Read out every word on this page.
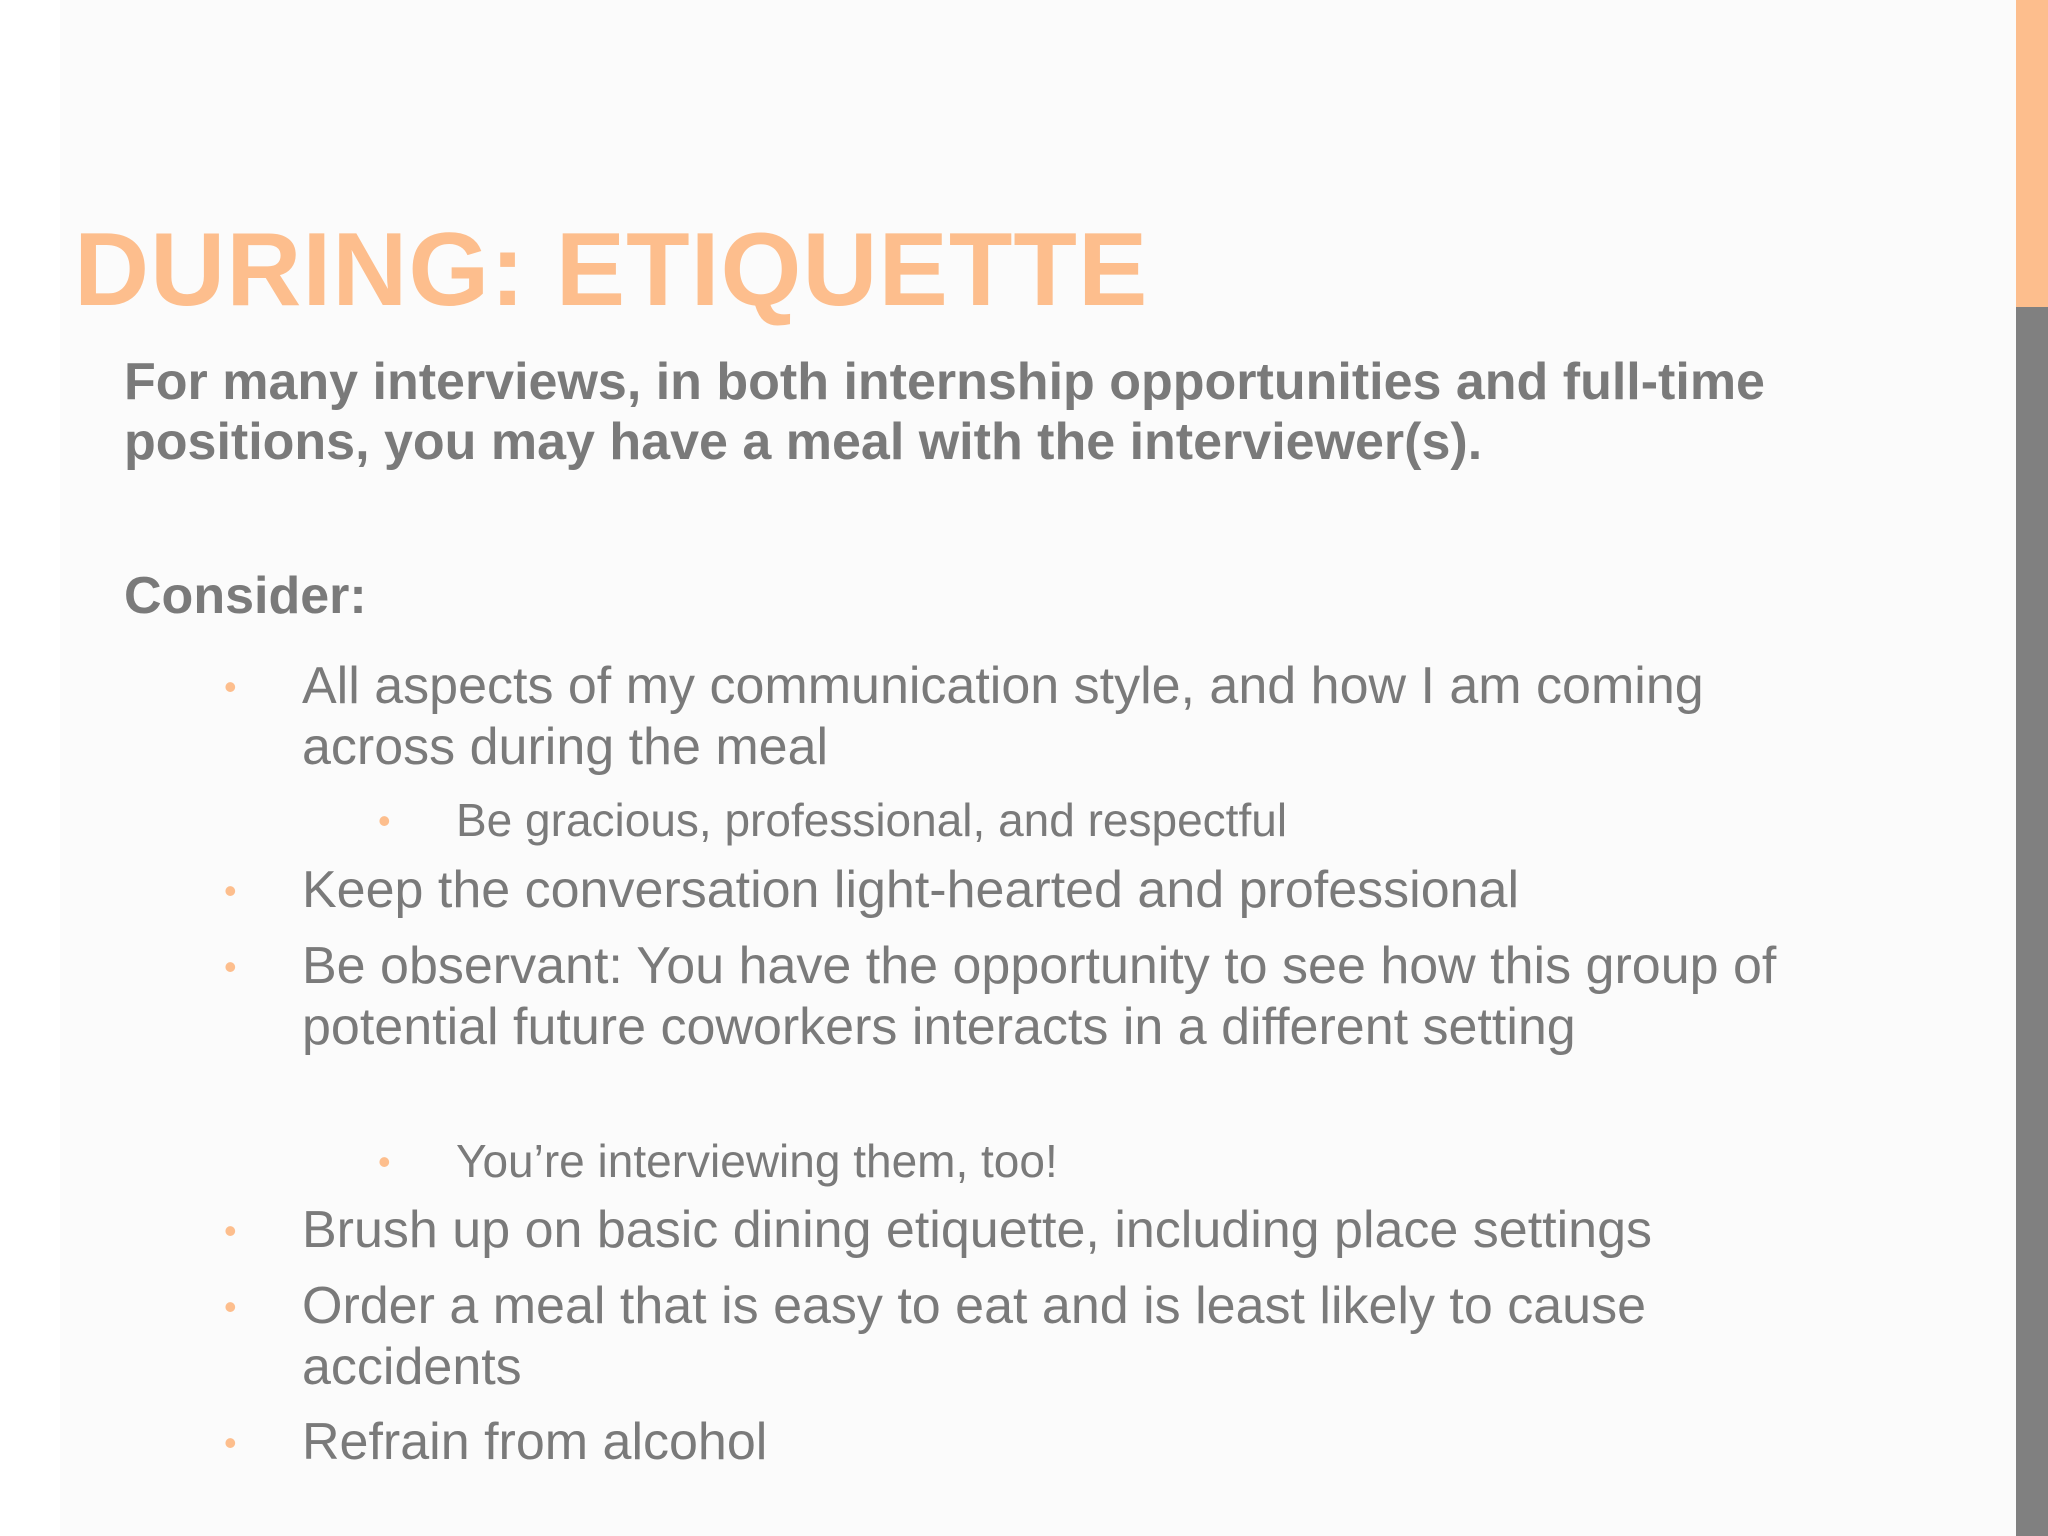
DURING: ETIQUETTE

For many interviews, in both internship opportunities and full-time positions, you may have a meal with the interviewer(s).

Consider:

• All aspects of my communication style, and how I am coming across during the meal
• Be gracious, professional, and respectful
• Keep the conversation light-hearted and professional
• Be observant: You have the opportunity to see how this group of potential future coworkers interacts in a different setting
• You’re interviewing them, too!
• Brush up on basic dining etiquette, including place settings
• Order a meal that is easy to eat and is least likely to cause accidents
• Refrain from alcohol
